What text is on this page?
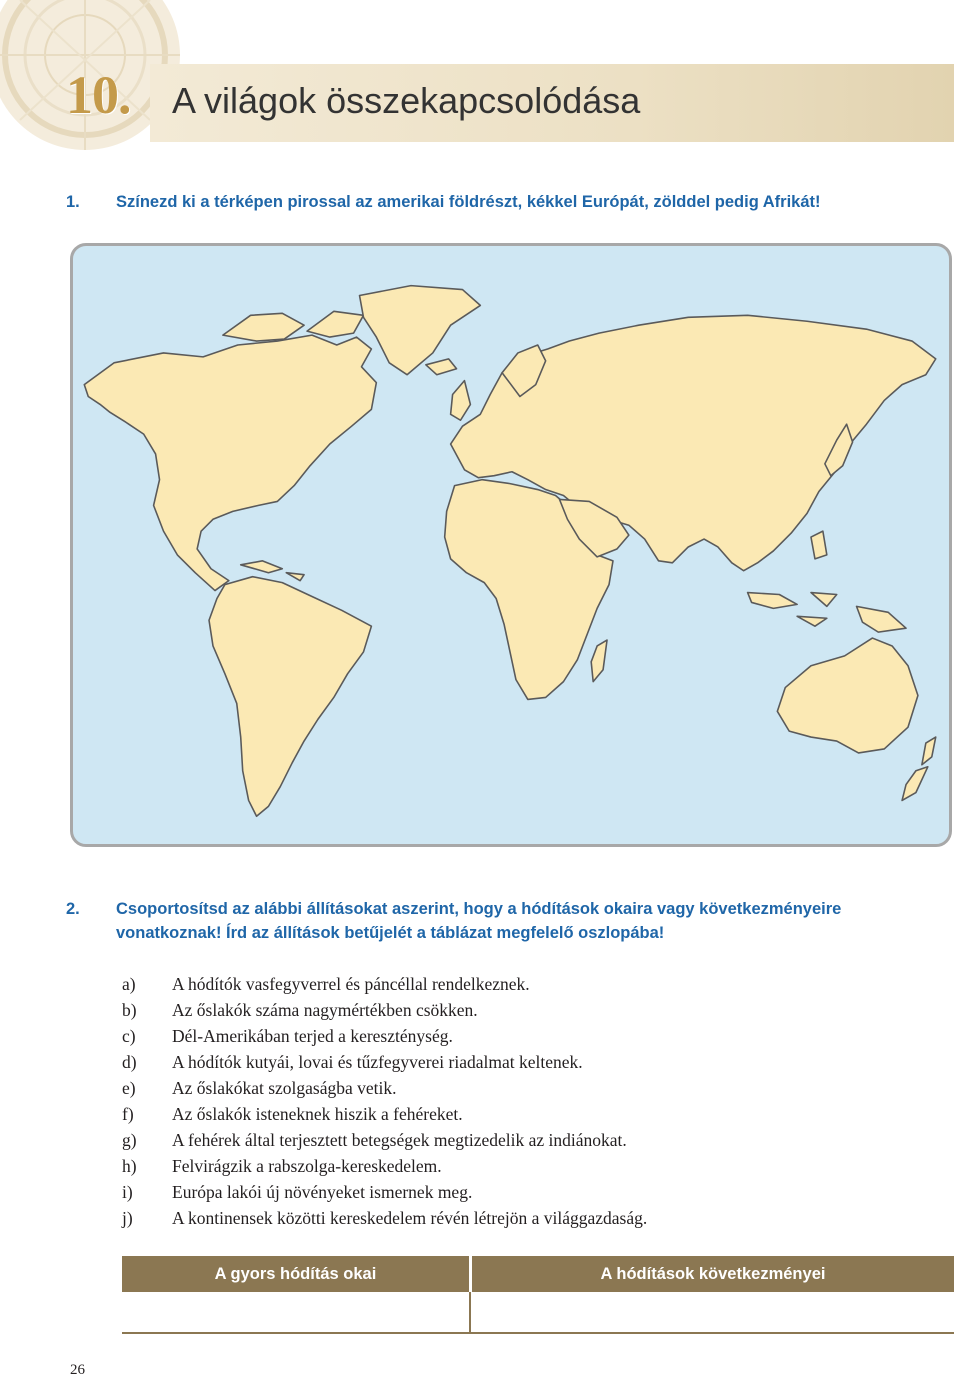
10. A világok összekapcsolódása
1. Színezd ki a térképen pirossal az amerikai földrészt, kékkel Európát, zölddel pedig Afrikát!
2. Csoportosítsd az alábbi állításokat aszerint, hogy a hódítások okaira vagy következményeire
vonatkoznak! Írd az állítások betűjelét a táblázat megfelelő oszlopába!
a) A hódítók vasfegyverrel és páncéllal rendelkeznek.
b) Az őslakók száma nagymértékben csökken.
c) Dél-Amerikában terjed a kereszténység.
d) A hódítók kutyái, lovai és tűzfegyverei riadalmat keltenek.
e) Az őslakókat szolgaságba vetik.
f) Az őslakók isteneknek hiszik a fehéreket.
g) A fehérek által terjesztett betegségek megtizedelik az indiánokat.
h) Felvirágzik a rabszolga-kereskedelem.
i) Európa lakói új növényeket ismernek meg.
j) A kontinensek közötti kereskedelem révén létrejön a világgazdaság.
A gyors hódítás okai	A hódítások következményei

26
